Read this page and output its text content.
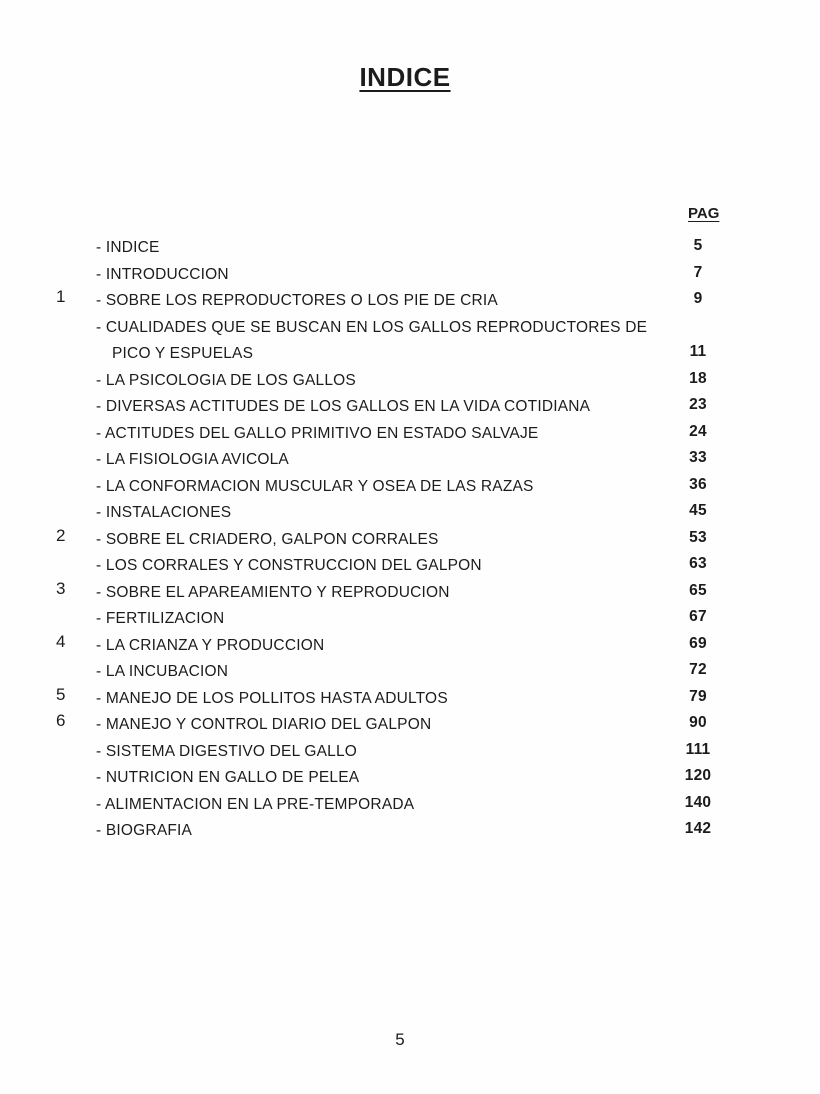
INDICE
PAG
- INDICE	5
- INTRODUCCION	7
1	- SOBRE LOS REPRODUCTORES O LOS PIE DE CRIA	9
- CUALIDADES QUE SE BUSCAN EN LOS GALLOS REPRODUCTORES DE
PICO Y ESPUELAS	11
- LA PSICOLOGIA DE LOS GALLOS	18
- DIVERSAS ACTITUDES DE LOS GALLOS EN LA VIDA COTIDIANA	23
- ACTITUDES DEL GALLO PRIMITIVO EN ESTADO SALVAJE	24
- LA FISIOLOGIA AVICOLA	33
- LA CONFORMACION MUSCULAR Y OSEA DE LAS RAZAS	36
- INSTALACIONES	45
2	- SOBRE EL CRIADERO, GALPON CORRALES	53
- LOS CORRALES Y CONSTRUCCION DEL GALPON	63
3	- SOBRE EL APAREAMIENTO Y REPRODUCION	65
- FERTILIZACION	67
4	- LA CRIANZA Y PRODUCCION	69
- LA INCUBACION	72
5	- MANEJO DE LOS POLLITOS HASTA ADULTOS	79
6	- MANEJO Y CONTROL DIARIO DEL GALPON	90
- SISTEMA DIGESTIVO DEL GALLO	111
- NUTRICION EN GALLO DE PELEA	120
- ALIMENTACION EN LA PRE-TEMPORADA	140
- BIOGRAFIA	142
5
